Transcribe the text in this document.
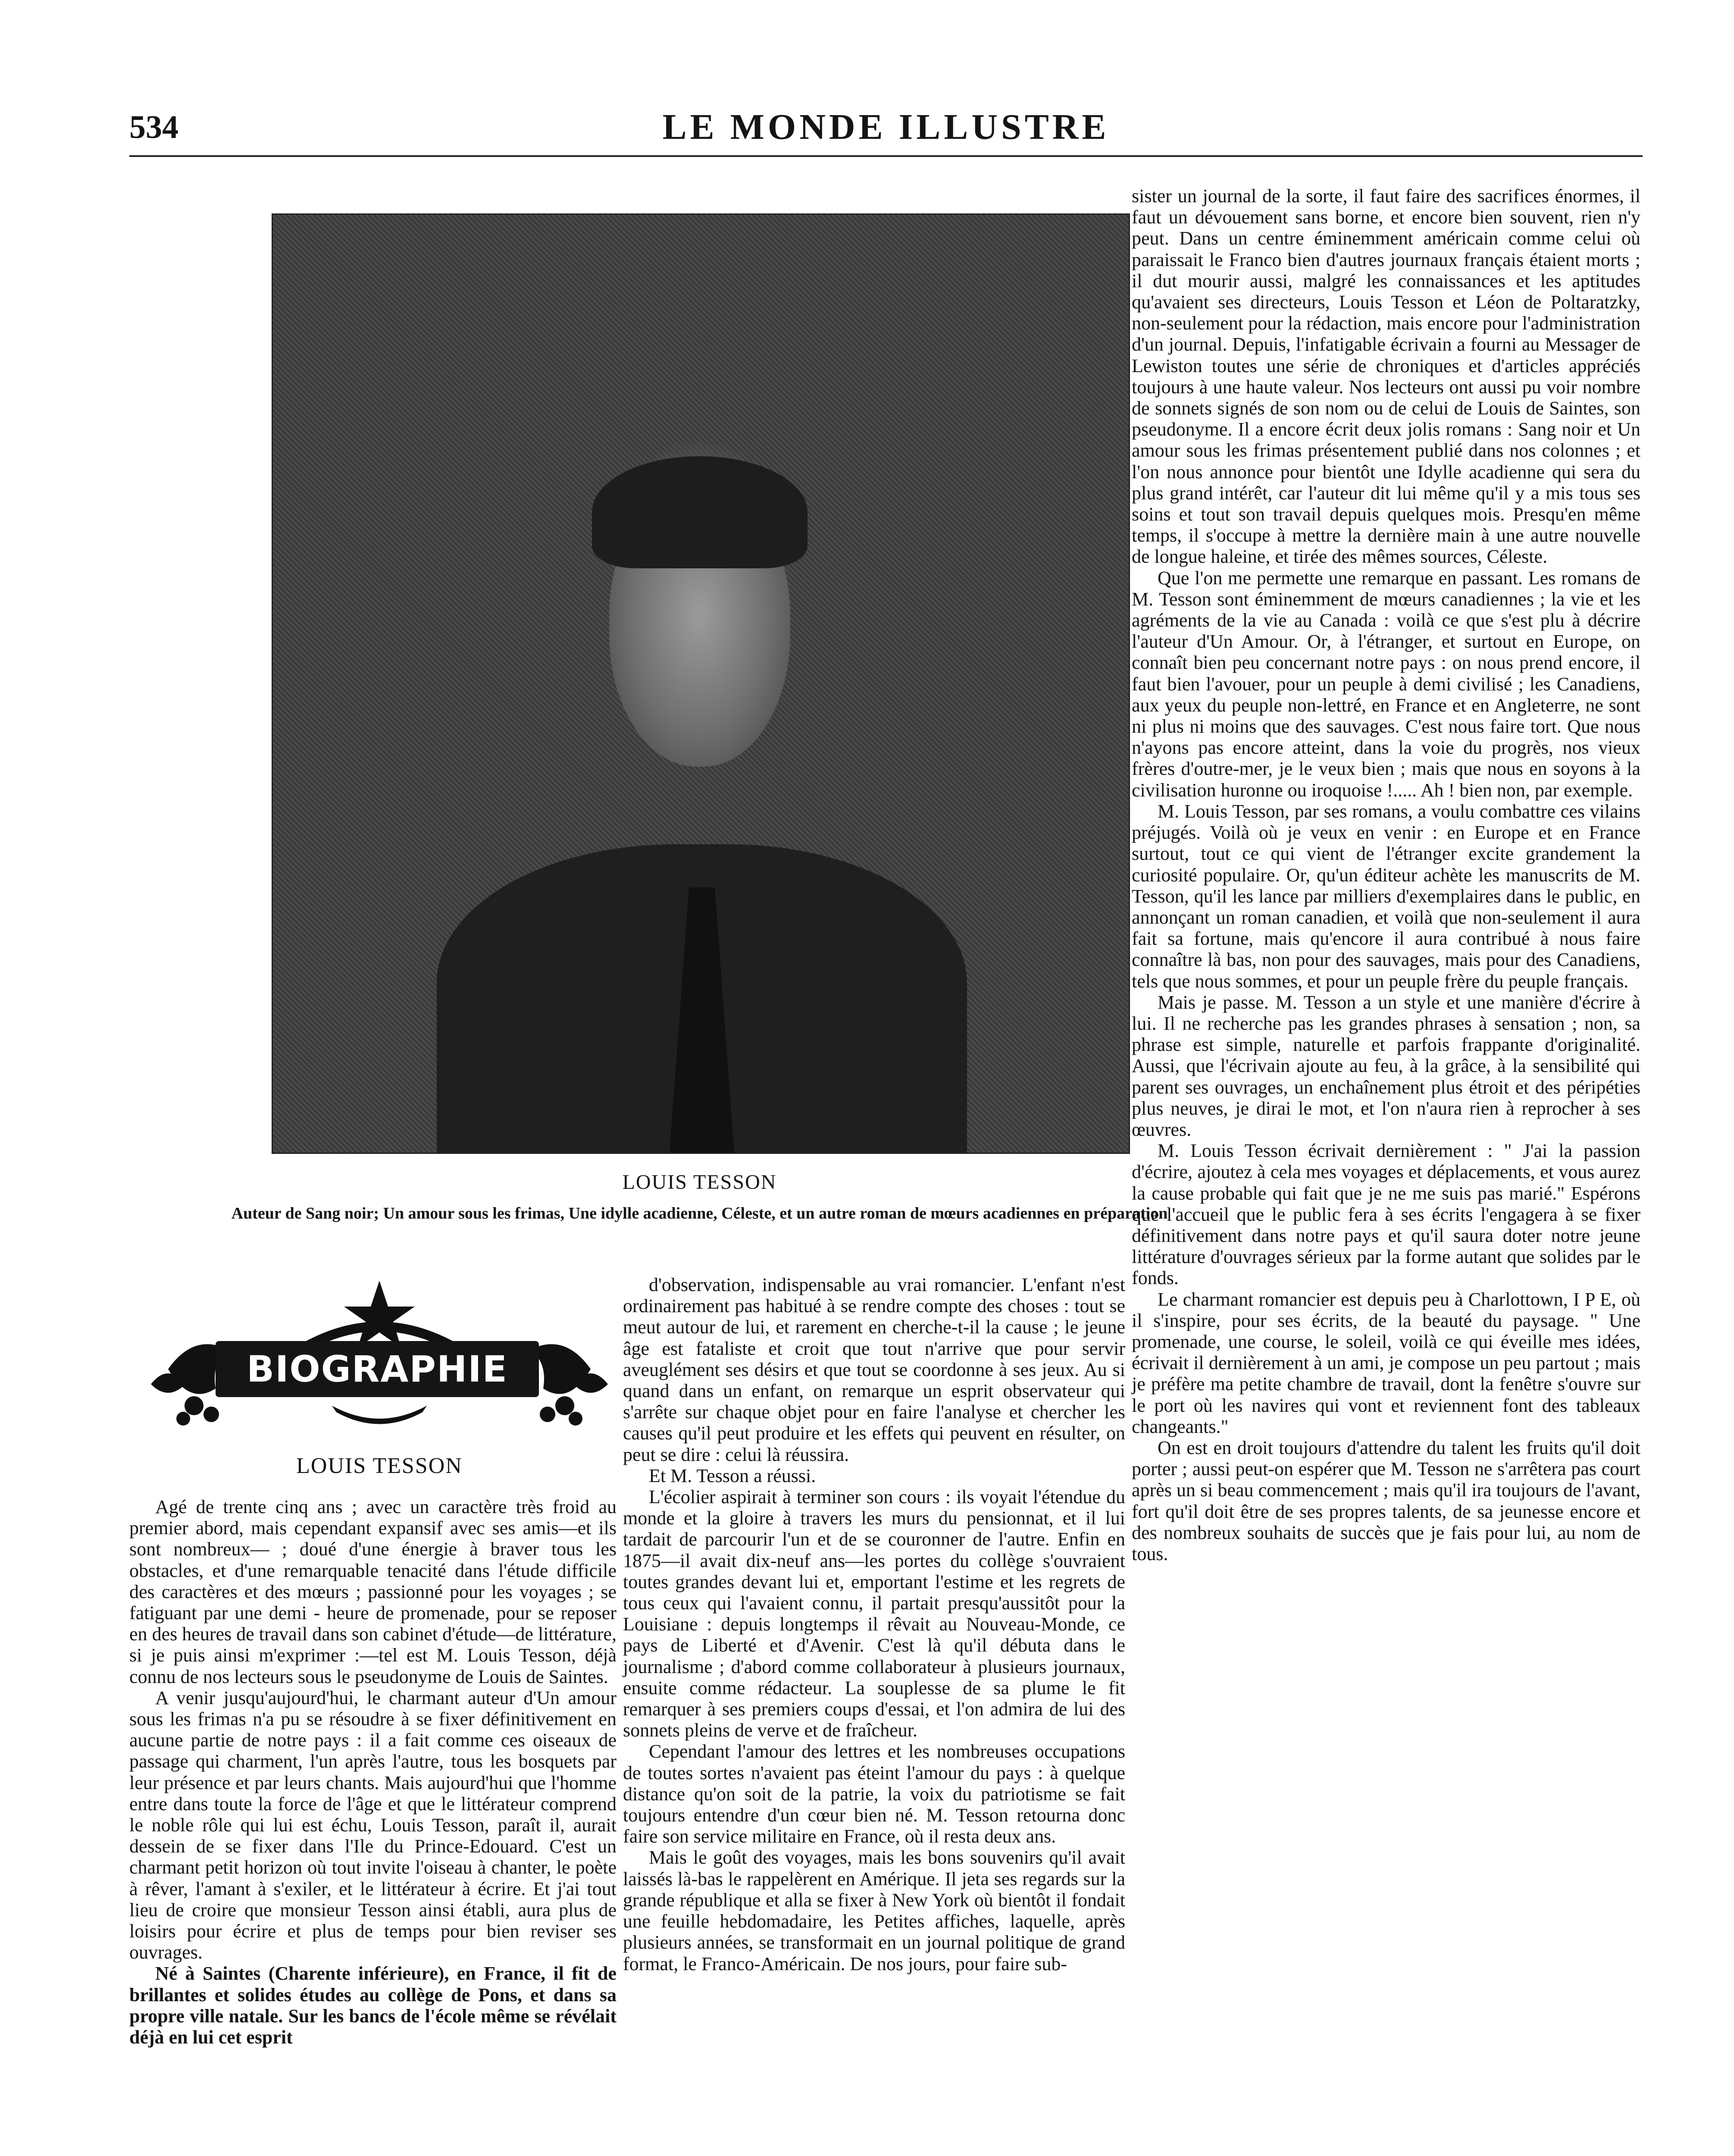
534	LE MONDE ILLUSTRE
LOUIS TESSON
Auteur de Sang noir; Un amour sous les frimas, Une idylle acadienne, Céleste, et un autre roman de mœurs acadiennes en préparation
BIOGRAPHIE
LOUIS TESSON

Agé de trente cinq ans ; avec un caractère très froid au premier abord, mais cependant expansif avec ses amis—et ils sont nombreux— ; doué d'une énergie à braver tous les obstacles, et d'une remarquable tenacité dans l'étude difficile des caractères et des mœurs ; passionné pour les voyages ; se fatiguant par une demi - heure de promenade, pour se reposer en des heures de travail dans son cabinet d'étude—de littérature, si je puis ainsi m'exprimer :—tel est M. Louis Tesson, déjà connu de nos lecteurs sous le pseudonyme de Louis de Saintes.

A venir jusqu'aujourd'hui, le charmant auteur d'Un amour sous les frimas n'a pu se résoudre à se fixer définitivement en aucune partie de notre pays : il a fait comme ces oiseaux de passage qui charment, l'un après l'autre, tous les bosquets par leur présence et par leurs chants. Mais aujourd'hui que l'homme entre dans toute la force de l'âge et que le littérateur comprend le noble rôle qui lui est échu, Louis Tesson, paraît il, aurait dessein de se fixer dans l'Ile du Prince-Edouard. C'est un charmant petit horizon où tout invite l'oiseau à chanter, le poète à rêver, l'amant à s'exiler, et le littérateur à écrire. Et j'ai tout lieu de croire que monsieur Tesson ainsi établi, aura plus de loisirs pour écrire et plus de temps pour bien reviser ses ouvrages.

Né à Saintes (Charente inférieure), en France, il fit de brillantes et solides études au collège de Pons, et dans sa propre ville natale. Sur les bancs de l'école même se révélait déjà en lui cet esprit

d'observation, indispensable au vrai romancier. L'enfant n'est ordinairement pas habitué à se rendre compte des choses : tout se meut autour de lui, et rarement en cherche-t-il la cause ; le jeune âge est fataliste et croit que tout n'arrive que pour servir aveuglément ses désirs et que tout se coordonne à ses jeux. Au si quand dans un enfant, on remarque un esprit observateur qui s'arrête sur chaque objet pour en faire l'analyse et chercher les causes qu'il peut produire et les effets qui peuvent en résulter, on peut se dire : celui là réussira.

Et M. Tesson a réussi.

L'écolier aspirait à terminer son cours : ils voyait l'étendue du monde et la gloire à travers les murs du pensionnat, et il lui tardait de parcourir l'un et de se couronner de l'autre. Enfin en 1875—il avait dix-neuf ans—les portes du collège s'ouvraient toutes grandes devant lui et, emportant l'estime et les regrets de tous ceux qui l'avaient connu, il partait presqu'aussitôt pour la Louisiane : depuis longtemps il rêvait au Nouveau-Monde, ce pays de Liberté et d'Avenir. C'est là qu'il débuta dans le journalisme ; d'abord comme collaborateur à plusieurs journaux, ensuite comme rédacteur. La souplesse de sa plume le fit remarquer à ses premiers coups d'essai, et l'on admira de lui des sonnets pleins de verve et de fraîcheur.

Cependant l'amour des lettres et les nombreuses occupations de toutes sortes n'avaient pas éteint l'amour du pays : à quelque distance qu'on soit de la patrie, la voix du patriotisme se fait toujours entendre d'un cœur bien né. M. Tesson retourna donc faire son service militaire en France, où il resta deux ans.

Mais le goût des voyages, mais les bons souvenirs qu'il avait laissés là-bas le rappelèrent en Amérique. Il jeta ses regards sur la grande république et alla se fixer à New York où bientôt il fondait une feuille hebdomadaire, les Petites affiches, laquelle, après plusieurs années, se transformait en un journal politique de grand format, le Franco-Américain. De nos jours, pour faire sub-

sister un journal de la sorte, il faut faire des sacrifices énormes, il faut un dévouement sans borne, et encore bien souvent, rien n'y peut. Dans un centre éminemment américain comme celui où paraissait le Franco bien d'autres journaux français étaient morts ; il dut mourir aussi, malgré les connaissances et les aptitudes qu'avaient ses directeurs, Louis Tesson et Léon de Poltaratzky, non-seulement pour la rédaction, mais encore pour l'administration d'un journal. Depuis, l'infatigable écrivain a fourni au Messager de Lewiston toutes une série de chroniques et d'articles appréciés toujours à une haute valeur. Nos lecteurs ont aussi pu voir nombre de sonnets signés de son nom ou de celui de Louis de Saintes, son pseudonyme. Il a encore écrit deux jolis romans : Sang noir et Un amour sous les frimas présentement publié dans nos colonnes ; et l'on nous annonce pour bientôt une Idylle acadienne qui sera du plus grand intérêt, car l'auteur dit lui même qu'il y a mis tous ses soins et tout son travail depuis quelques mois. Presqu'en même temps, il s'occupe à mettre la dernière main à une autre nouvelle de longue haleine, et tirée des mêmes sources, Céleste.

Que l'on me permette une remarque en passant. Les romans de M. Tesson sont éminemment de mœurs canadiennes ; la vie et les agréments de la vie au Canada : voilà ce que s'est plu à décrire l'auteur d'Un Amour. Or, à l'étranger, et surtout en Europe, on connaît bien peu concernant notre pays : on nous prend encore, il faut bien l'avouer, pour un peuple à demi civilisé ; les Canadiens, aux yeux du peuple non-lettré, en France et en Angleterre, ne sont ni plus ni moins que des sauvages. C'est nous faire tort. Que nous n'ayons pas encore atteint, dans la voie du progrès, nos vieux frères d'outre-mer, je le veux bien ; mais que nous en soyons à la civilisation huronne ou iroquoise !..... Ah ! bien non, par exemple.

M. Louis Tesson, par ses romans, a voulu combattre ces vilains préjugés. Voilà où je veux en venir : en Europe et en France surtout, tout ce qui vient de l'étranger excite grandement la curiosité populaire. Or, qu'un éditeur achète les manuscrits de M. Tesson, qu'il les lance par milliers d'exemplaires dans le public, en annonçant un roman canadien, et voilà que non-seulement il aura fait sa fortune, mais qu'encore il aura contribué à nous faire connaître là bas, non pour des sauvages, mais pour des Canadiens, tels que nous sommes, et pour un peuple frère du peuple français.

Mais je passe. M. Tesson a un style et une manière d'écrire à lui. Il ne recherche pas les grandes phrases à sensation ; non, sa phrase est simple, naturelle et parfois frappante d'originalité. Aussi, que l'écrivain ajoute au feu, à la grâce, à la sensibilité qui parent ses ouvrages, un enchaînement plus étroit et des péripéties plus neuves, je dirai le mot, et l'on n'aura rien à reprocher à ses œuvres.

M. Louis Tesson écrivait dernièrement : " J'ai la passion d'écrire, ajoutez à cela mes voyages et déplacements, et vous aurez la cause probable qui fait que je ne me suis pas marié." Espérons que l'accueil que le public fera à ses écrits l'engagera à se fixer définitivement dans notre pays et qu'il saura doter notre jeune littérature d'ouvrages sérieux par la forme autant que solides par le fonds.

Le charmant romancier est depuis peu à Charlottown, I P E, où il s'inspire, pour ses écrits, de la beauté du paysage. " Une promenade, une course, le soleil, voilà ce qui éveille mes idées, écrivait il dernièrement à un ami, je compose un peu partout ; mais je préfère ma petite chambre de travail, dont la fenêtre s'ouvre sur le port où les navires qui vont et reviennent font des tableaux changeants."

On est en droit toujours d'attendre du talent les fruits qu'il doit porter ; aussi peut-on espérer que M. Tesson ne s'arrêtera pas court après un si beau commencement ; mais qu'il ira toujours de l'avant, fort qu'il doit être de ses propres talents, de sa jeunesse encore et des nombreux souhaits de succès que je fais pour lui, au nom de tous.
